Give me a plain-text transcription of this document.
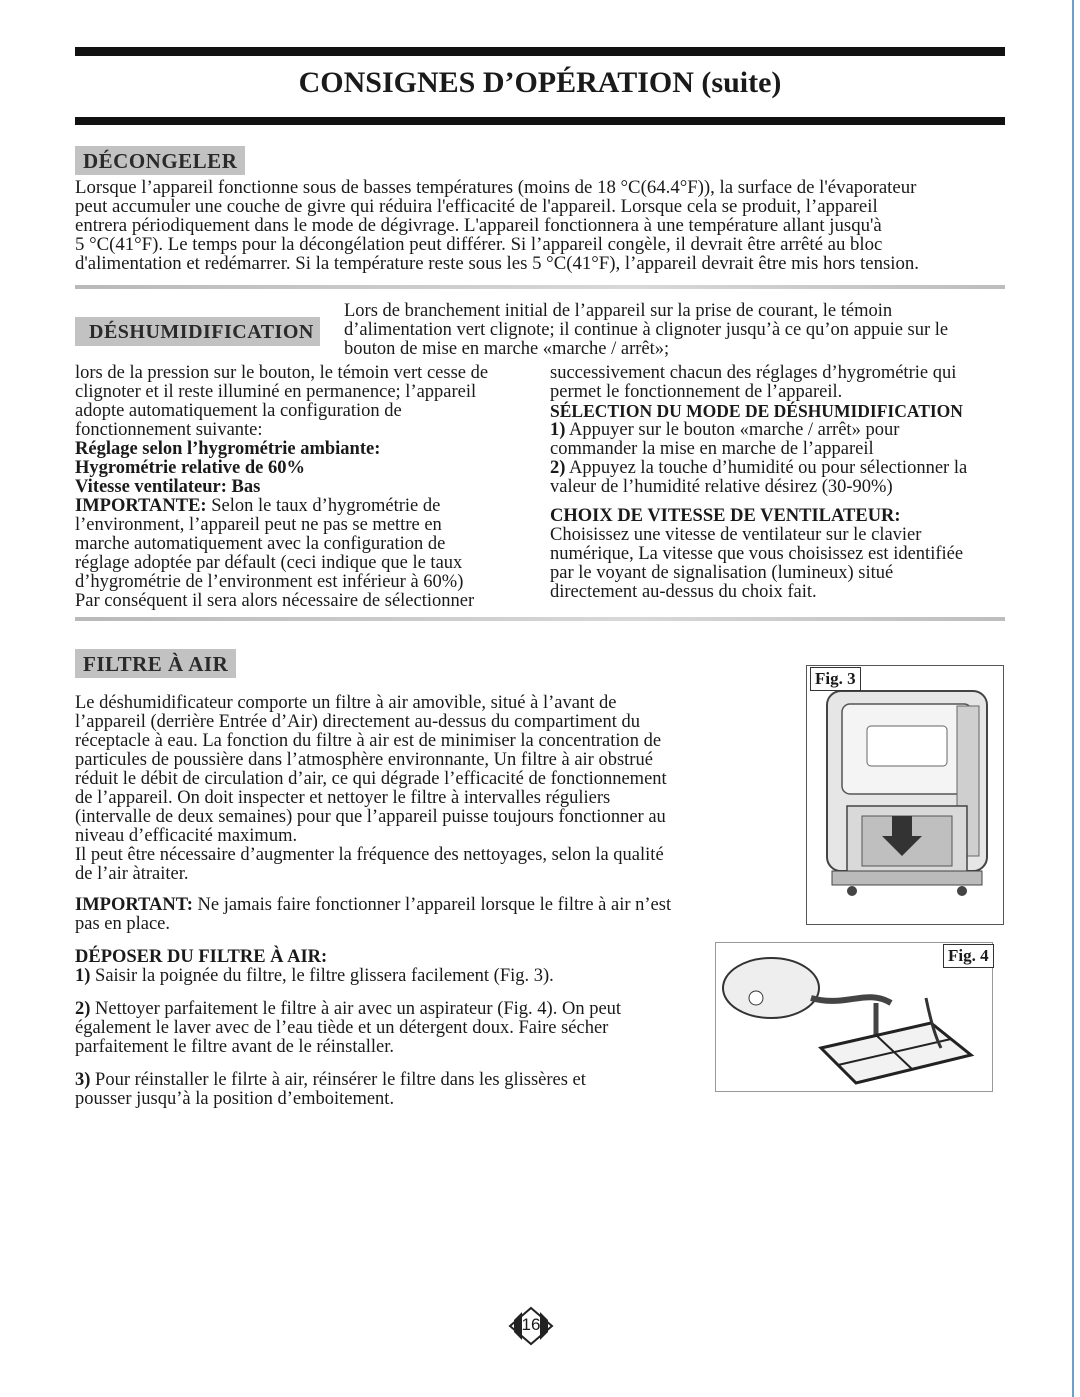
CONSIGNES D’OPÉRATION (suite)
DÉCONGELER
Lorsque l’appareil fonctionne sous de basses températures (moins de 18 °C(64.4°F)), la surface de l'évaporateur
peut accumuler une couche de givre qui réduira l'efficacité de l'appareil. Lorsque cela se produit, l’appareil
entrera périodiquement dans le mode de dégivrage. L'appareil fonctionnera à une température allant jusqu'à
5 °C(41°F). Le temps pour la décongélation peut différer. Si l’appareil congèle, il devrait être arrêté au bloc
d'alimentation et redémarrer. Si la température reste sous les 5 °C(41°F), l’appareil devrait être mis hors tension.
DÉSHUMIDIFICATION
Lors de branchement initial de l’appareil sur la prise de courant, le témoin
d’alimentation vert clignote; il continue à clignoter jusqu’à ce qu’on appuie sur le
bouton de mise en marche «marche / arrêt»;
lors de la pression sur le bouton, le témoin vert cesse de
clignoter et il reste illuminé en permanence; l’appareil
adopte automatiquement la configuration de
fonctionnement suivante:
Réglage selon l’hygrométrie ambiante:
Hygrométrie relative de 60%
Vitesse ventilateur: Bas
IMPORTANTE: Selon le taux d’hygrométrie de
l’environment, l’appareil peut ne pas se mettre en
marche automatiquement avec la configuration de
réglage adoptée par défault (ceci indique que le taux
d’hygrométrie de l’environment est inférieur à 60%)
Par conséquent il sera alors nécessaire de sélectionner
successivement chacun des réglages d’hygrométrie qui
permet le fonctionnement de l’appareil.
SÉLECTION DU MODE DE DÉSHUMIDIFICATION
1) Appuyer sur le bouton «marche / arrêt» pour
commander la mise en marche de l’appareil
2) Appuyez la touche d’humidité ou pour sélectionner la
valeur de l’humidité relative désirez (30-90%)
CHOIX DE VITESSE DE VENTILATEUR:
Choisissez une vitesse de ventilateur sur le clavier
numérique, La vitesse que vous choisissez est identifiée
par le voyant de signalisation (lumineux) situé
directement au-dessus du choix fait.
FILTRE À AIR
Le déshumidificateur comporte un filtre à air amovible, situé à l’avant de
l’appareil (derrière Entrée d’Air) directement au-dessus du compartiment du
réceptacle à eau. La fonction du filtre à air est de minimiser la concentration de
particules de poussière dans l’atmosphère environnante, Un filtre à air obstrué
réduit le débit de circulation d’air, ce qui dégrade l’efficacité de fonctionnement
de l’appareil. On doit inspecter et nettoyer le filtre à intervalles réguliers
(intervalle de deux semaines) pour que l’appareil puisse toujours fonctionner au
niveau d’efficacité maximum.
Il peut être nécessaire d’augmenter la fréquence des nettoyages, selon la qualité
de l’air àtraiter.
IMPORTANT: Ne jamais faire fonctionner l’appareil lorsque le filtre à air n’est
pas en place.
DÉPOSER DU FILTRE À AIR:
1) Saisir la poignée du filtre, le filtre glissera facilement (Fig. 3).
2) Nettoyer parfaitement le filtre à air avec un aspirateur (Fig. 4). On peut
également le laver avec de l’eau tiède et un détergent doux. Faire sécher
parfaitement le filtre avant de le réinstaller.
3) Pour réinstaller le filrte à air, réinsérer le filtre dans les glissères et
pousser jusqu’à la position d’emboitement.
Fig. 3
Fig. 4
16
